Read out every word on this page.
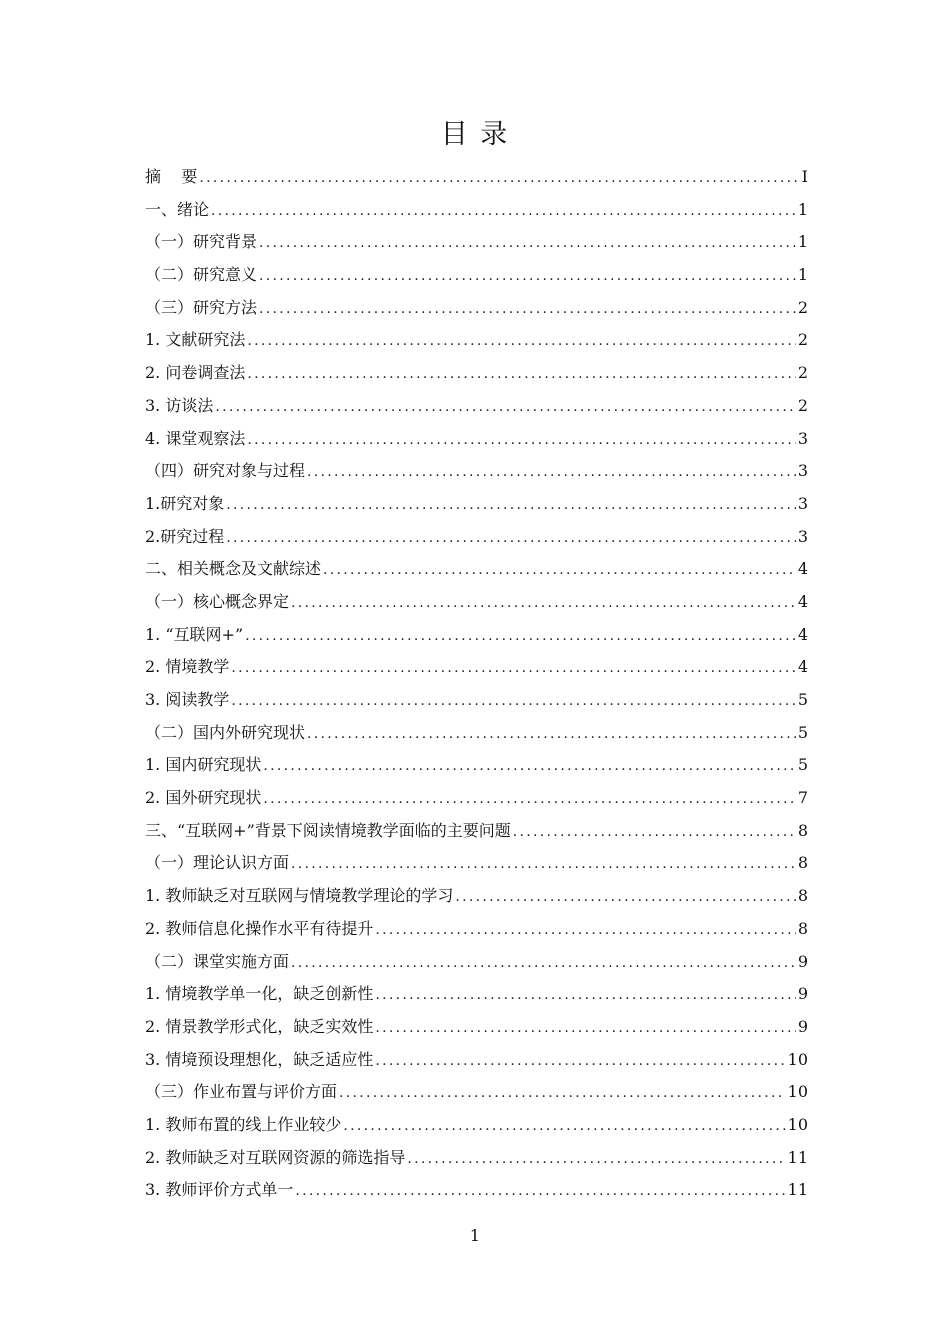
目 录
摘    要 .....	I
一、绪论 .....	1
（一）研究背景 .....	1
（二）研究意义 .....	1
（三）研究方法 .....	2
1. 文献研究法 .....	2
2. 问卷调查法 .....	2
3. 访谈法 .....	2
4. 课堂观察法 .....	3
（四）研究对象与过程 .....	3
1.研究对象 .....	3
2.研究过程 .....	3
二、相关概念及文献综述 .....	4
（一）核心概念界定 .....	4
1. “互联网+” .....	4
2. 情境教学 .....	4
3. 阅读教学 .....	5
（二）国内外研究现状 .....	5
1. 国内研究现状 .....	5
2. 国外研究现状 .....	7
三、“互联网+”背景下阅读情境教学面临的主要问题 .....	8
（一）理论认识方面 .....	8
1. 教师缺乏对互联网与情境教学理论的学习 .....	8
2. 教师信息化操作水平有待提升 .....	8
（二）课堂实施方面 .....	9
1. 情境教学单一化，缺乏创新性 .....	9
2. 情景教学形式化，缺乏实效性 .....	9
3. 情境预设理想化，缺乏适应性 .....	10
（三）作业布置与评价方面 .....	10
1. 教师布置的线上作业较少 .....	10
2. 教师缺乏对互联网资源的筛选指导 .....	11
3. 教师评价方式单一 .....	11
1
